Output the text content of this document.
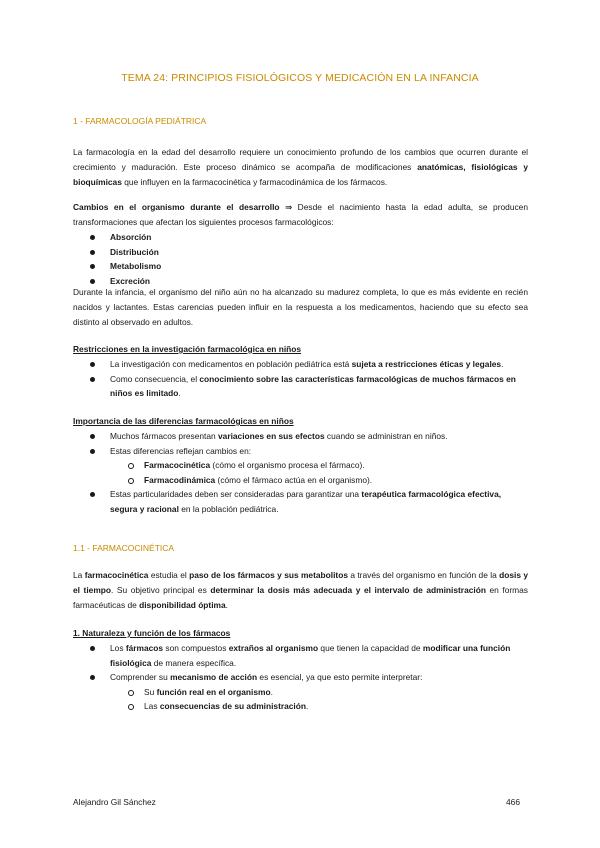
TEMA 24: PRINCIPIOS FISIOLÓGICOS Y MEDICACIÓN EN LA INFANCIA
1 - FARMACOLOGÍA PEDIÁTRICA
La farmacología en la edad del desarrollo requiere un conocimiento profundo de los cambios que ocurren durante el crecimiento y maduración. Este proceso dinámico se acompaña de modificaciones anatómicas, fisiológicas y bioquímicas que influyen en la farmacocinética y farmacodinámica de los fármacos.
Cambios en el organismo durante el desarrollo ⇒ Desde el nacimiento hasta la edad adulta, se producen transformaciones que afectan los siguientes procesos farmacológicos:
Absorción
Distribución
Metabolismo
Excreción
Durante la infancia, el organismo del niño aún no ha alcanzado su madurez completa, lo que es más evidente en recién nacidos y lactantes. Estas carencias pueden influir en la respuesta a los medicamentos, haciendo que su efecto sea distinto al observado en adultos.
Restricciones en la investigación farmacológica en niños
La investigación con medicamentos en población pediátrica está sujeta a restricciones éticas y legales.
Como consecuencia, el conocimiento sobre las características farmacológicas de muchos fármacos en niños es limitado.
Importancia de las diferencias farmacológicas en niños
Muchos fármacos presentan variaciones en sus efectos cuando se administran en niños.
Estas diferencias reflejan cambios en:
Farmacocinética (cómo el organismo procesa el fármaco).
Farmacodinámica (cómo el fármaco actúa en el organismo).
Estas particularidades deben ser consideradas para garantizar una terapéutica farmacológica efectiva, segura y racional en la población pediátrica.
1.1 - FARMACOCINÉTICA
La farmacocinética estudia el paso de los fármacos y sus metabolitos a través del organismo en función de la dosis y el tiempo. Su objetivo principal es determinar la dosis más adecuada y el intervalo de administración en formas farmacéuticas de disponibilidad óptima.
1. Naturaleza y función de los fármacos
Los fármacos son compuestos extraños al organismo que tienen la capacidad de modificar una función fisiológica de manera específica.
Comprender su mecanismo de acción es esencial, ya que esto permite interpretar:
Su función real en el organismo.
Las consecuencias de su administración.
Alejandro Gil Sánchez	466
